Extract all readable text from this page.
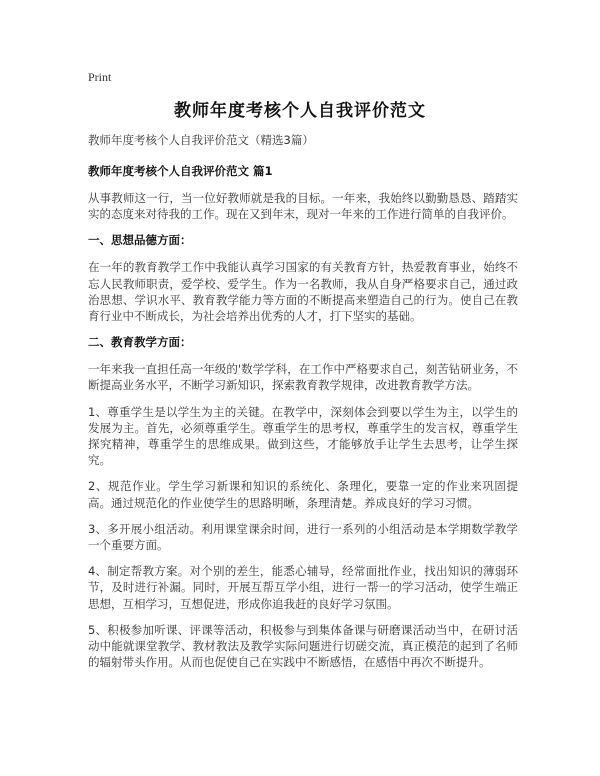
Print
教师年度考核个人自我评价范文

教师年度考核个人自我评价范文（精选3篇）

教师年度考核个人自我评价范文 篇1

从事教师这一行，当一位好教师就是我的目标。一年来，我始终以勤勤恳恳、踏踏实实的态度来对待我的工作。现在又到年末，现对一年来的工作进行简单的自我评价。

一、思想品德方面：

在一年的教育教学工作中我能认真学习国家的有关教育方针，热爱教育事业，始终不忘人民教师职责，爱学校、爱学生。作为一名教师，我从自身严格要求自己，通过政治思想、学识水平、教育教学能力等方面的不断提高来塑造自己的行为。使自己在教育行业中不断成长，为社会培养出优秀的人才，打下坚实的基础。

二、教育教学方面：

一年来我一直担任高一年级的'数学学科，在工作中严格要求自己，刻苦钻研业务，不断提高业务水平，不断学习新知识，探索教育教学规律，改进教育教学方法。

1、尊重学生是以学生为主的关键。在教学中，深刻体会到要以学生为主，以学生的发展为主。首先，必须尊重学生。尊重学生的思考权，尊重学生的发言权，尊重学生探究精神，尊重学生的思维成果。做到这些，才能够放手让学生去思考，让学生探究。

2、规范作业。学生学习新课和知识的系统化、条理化，要靠一定的作业来巩固提高。通过规范化的作业使学生的思路明晰，条理清楚。养成良好的学习习惯。

3、多开展小组活动。利用课堂课余时间，进行一系列的小组活动是本学期数学教学一个重要方面。

4、制定帮教方案。对个别的差生，能悉心辅导，经常面批作业，找出知识的薄弱环节，及时进行补漏。同时，开展互帮互学小组，进行一帮一的学习活动，使学生端正思想，互相学习，互想促进，形成你追我赶的良好学习氛围。

5、积极参加听课、评课等活动，积极参与到集体备课与研磨课活动当中，在研讨活动中能就课堂教学、教材教法及教学实际问题进行切磋交流，真正模范的起到了名师的辐射带头作用。从而也促使自己在实践中不断感悟，在感悟中再次不断提升。
